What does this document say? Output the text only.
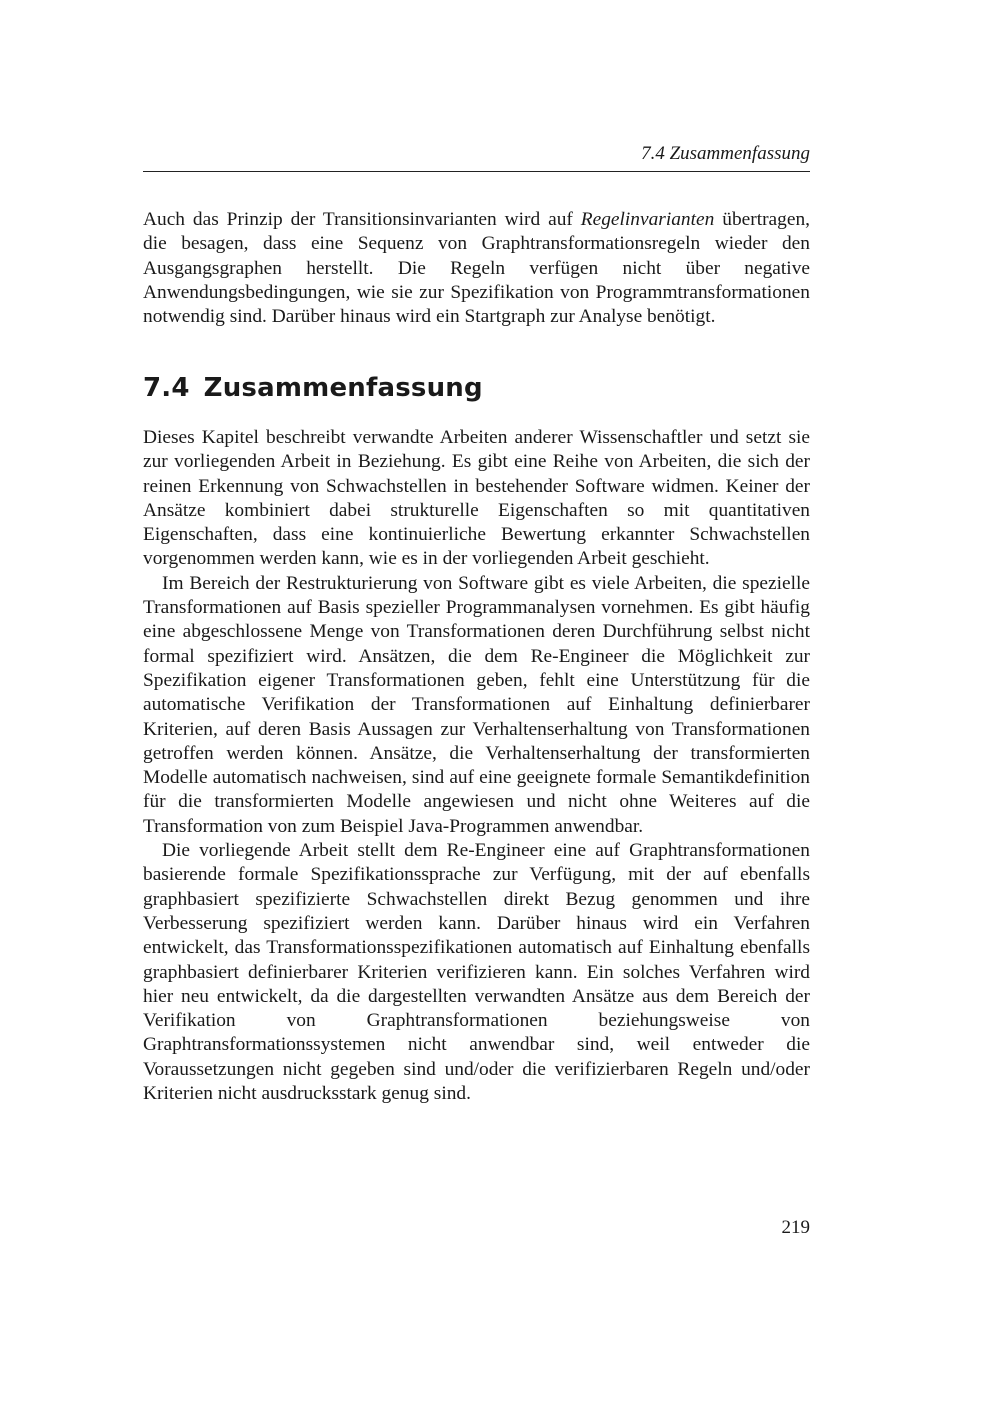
7.4 Zusammenfassung

Auch das Prinzip der Transitionsinvarianten wird auf Regelinvarianten übertragen, die besagen, dass eine Sequenz von Graphtransformationsregeln wieder den Ausgangsgraphen herstellt. Die Regeln verfügen nicht über negative Anwendungsbedingungen, wie sie zur Spezifikation von Programmtransformationen notwendig sind. Darüber hinaus wird ein Startgraph zur Analyse benötigt.

7.4 Zusammenfassung

Dieses Kapitel beschreibt verwandte Arbeiten anderer Wissenschaftler und setzt sie zur vorliegenden Arbeit in Beziehung. Es gibt eine Reihe von Arbeiten, die sich der reinen Erkennung von Schwachstellen in bestehender Software widmen. Keiner der Ansätze kombiniert dabei strukturelle Eigenschaften so mit quantitativen Eigenschaften, dass eine kontinuierliche Bewertung erkannter Schwachstellen vorgenommen werden kann, wie es in der vorliegenden Arbeit geschieht.

Im Bereich der Restrukturierung von Software gibt es viele Arbeiten, die spezielle Transformationen auf Basis spezieller Programmanalysen vornehmen. Es gibt häufig eine abgeschlossene Menge von Transformationen deren Durchführung selbst nicht formal spezifiziert wird. Ansätzen, die dem Re-Engineer die Möglichkeit zur Spezifikation eigener Transformationen geben, fehlt eine Unterstützung für die automatische Verifikation der Transformationen auf Einhaltung definierbarer Kriterien, auf deren Basis Aussagen zur Verhaltenserhaltung von Transformationen getroffen werden können. Ansätze, die Verhaltenserhaltung der transformierten Modelle automatisch nachweisen, sind auf eine geeignete formale Semantikdefinition für die transformierten Modelle angewiesen und nicht ohne Weiteres auf die Transformation von zum Beispiel Java-Programmen anwendbar.

Die vorliegende Arbeit stellt dem Re-Engineer eine auf Graphtransformationen basierende formale Spezifikationssprache zur Verfügung, mit der auf ebenfalls graphbasiert spezifizierte Schwachstellen direkt Bezug genommen und ihre Verbesserung spezifiziert werden kann. Darüber hinaus wird ein Verfahren entwickelt, das Transformationsspezifikationen automatisch auf Einhaltung ebenfalls graphbasiert definierbarer Kriterien verifizieren kann. Ein solches Verfahren wird hier neu entwickelt, da die dargestellten verwandten Ansätze aus dem Bereich der Verifikation von Graphtransformationen beziehungsweise von Graphtransformationssystemen nicht anwendbar sind, weil entweder die Voraussetzungen nicht gegeben sind und/oder die verifizierbaren Regeln und/oder Kriterien nicht ausdrucksstark genug sind.

219
